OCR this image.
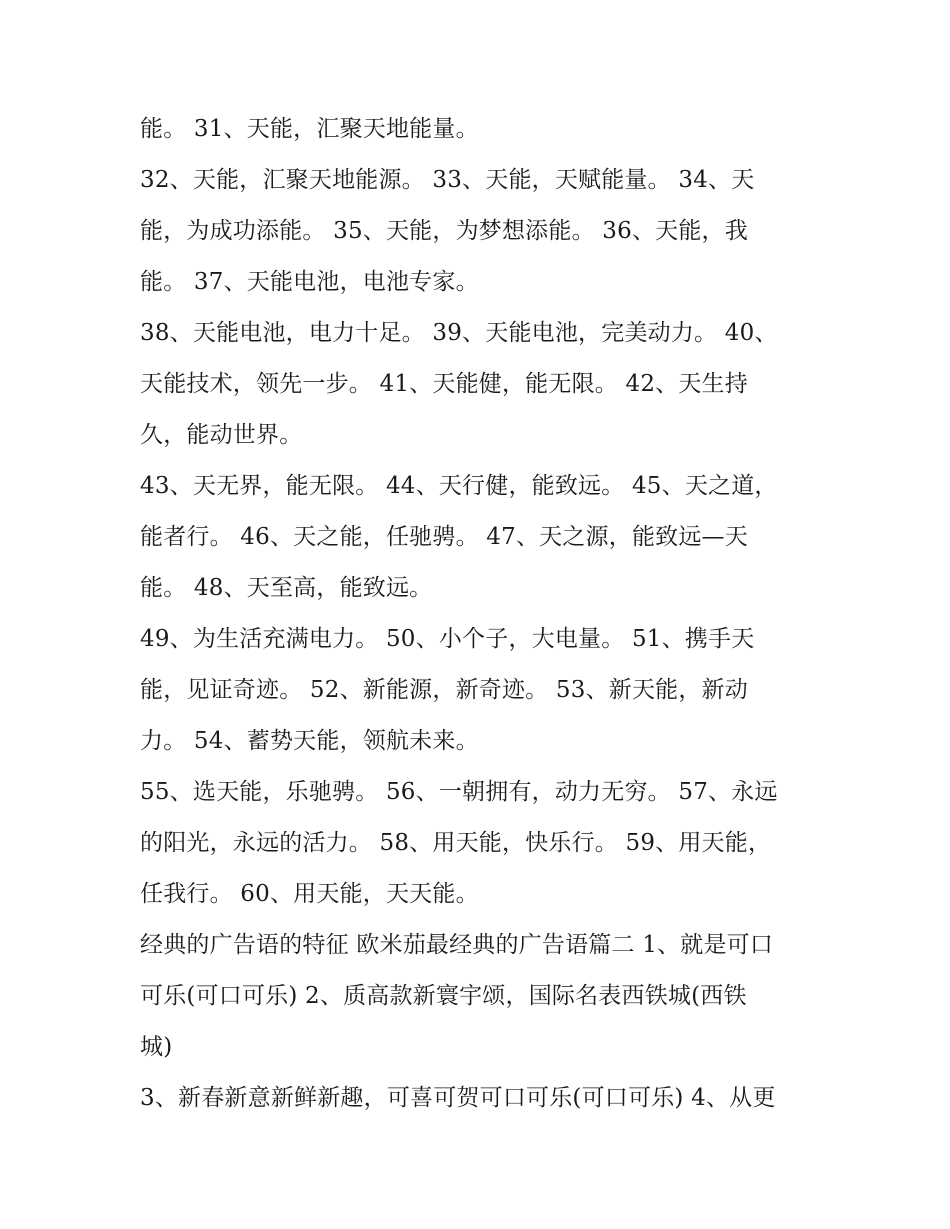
能。 31、天能，汇聚天地能量。
32、天能，汇聚天地能源。 33、天能，天赋能量。 34、天
能，为成功添能。 35、天能，为梦想添能。 36、天能，我
能。 37、天能电池，电池专家。
38、天能电池，电力十足。 39、天能电池，完美动力。 40、
天能技术，领先一步。 41、天能健，能无限。 42、天生持
久，能动世界。
43、天无界，能无限。 44、天行健，能致远。 45、天之道，
能者行。 46、天之能，任驰骋。 47、天之源，能致远—天
能。 48、天至高，能致远。
49、为生活充满电力。 50、小个子，大电量。 51、携手天
能，见证奇迹。 52、新能源，新奇迹。 53、新天能，新动
力。 54、蓄势天能，领航未来。
55、选天能，乐驰骋。 56、一朝拥有，动力无穷。 57、永远
的阳光，永远的活力。 58、用天能，快乐行。 59、用天能，
任我行。 60、用天能，天天能。
经典的广告语的特征 欧米茄最经典的广告语篇二 1、就是可口
可乐(可口可乐) 2、质高款新寰宇颂，国际名表西铁城(西铁
城)
3、新春新意新鲜新趣，可喜可贺可口可乐(可口可乐) 4、从更
